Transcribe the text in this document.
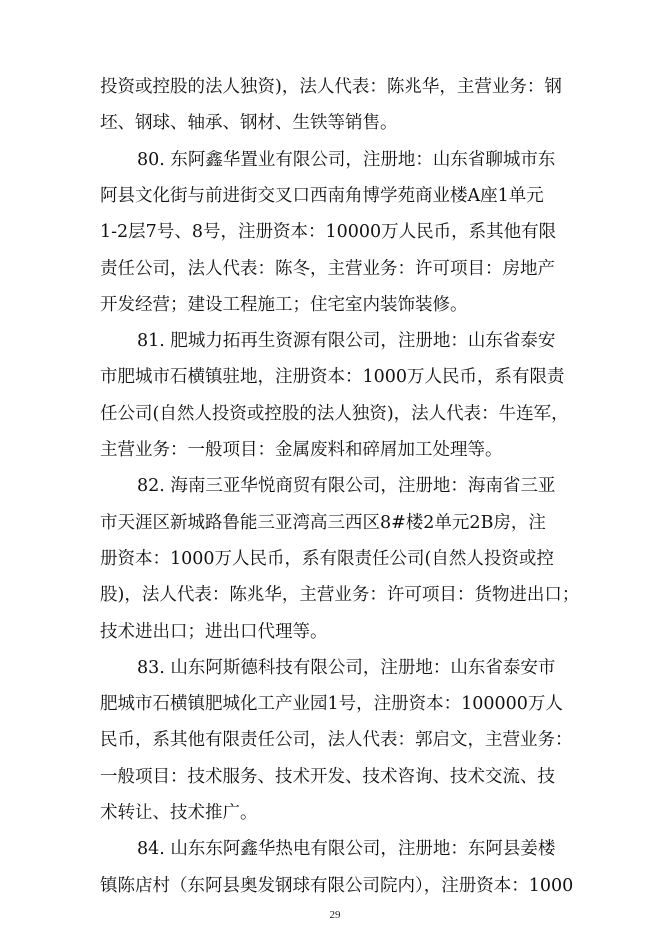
投资或控股的法人独资)，法人代表：陈兆华，主营业务：钢

坯、钢球、轴承、钢材、生铁等销售。

80. 东阿鑫华置业有限公司，注册地：山东省聊城市东

阿县文化街与前进街交叉口西南角博学苑商业楼A座1单元

1-2层7号、8号，注册资本：10000万人民币，系其他有限

责任公司，法人代表：陈冬，主营业务：许可项目：房地产

开发经营；建设工程施工；住宅室内装饰装修。

81. 肥城力拓再生资源有限公司，注册地：山东省泰安

市肥城市石横镇驻地，注册资本：1000万人民币，系有限责

任公司(自然人投资或控股的法人独资)，法人代表：牛连军，

主营业务：一般项目：金属废料和碎屑加工处理等。

82. 海南三亚华悦商贸有限公司，注册地：海南省三亚

市天涯区新城路鲁能三亚湾高三西区8#楼2单元2B房，注

册资本：1000万人民币，系有限责任公司(自然人投资或控

股)，法人代表：陈兆华，主营业务：许可项目：货物进出口；

技术进出口；进出口代理等。

83. 山东阿斯德科技有限公司，注册地：山东省泰安市

肥城市石横镇肥城化工产业园1号，注册资本：100000万人

民币，系其他有限责任公司，法人代表：郭启文，主营业务：

一般项目：技术服务、技术开发、技术咨询、技术交流、技

术转让、技术推广。

84. 山东东阿鑫华热电有限公司，注册地：东阿县姜楼

镇陈店村（东阿县奥发钢球有限公司院内），注册资本：1000

29
